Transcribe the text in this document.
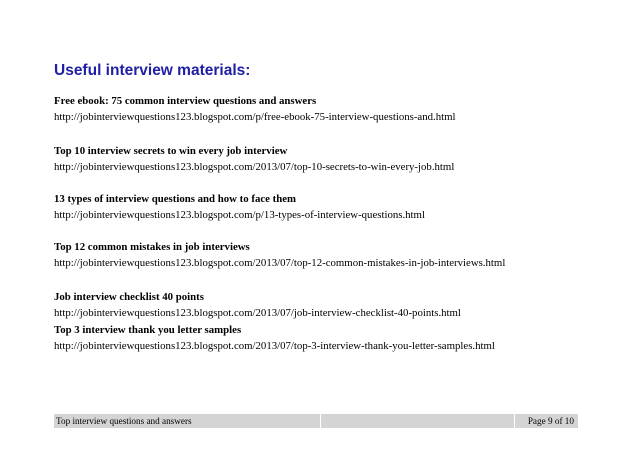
Useful interview materials:
Free ebook: 75 common interview questions and answers
http://jobinterviewquestions123.blogspot.com/p/free-ebook-75-interview-questions-and.html
Top 10 interview secrets to win every job interview
http://jobinterviewquestions123.blogspot.com/2013/07/top-10-secrets-to-win-every-job.html
13 types of interview questions and how to face them
http://jobinterviewquestions123.blogspot.com/p/13-types-of-interview-questions.html
Top 12 common mistakes in job interviews
http://jobinterviewquestions123.blogspot.com/2013/07/top-12-common-mistakes-in-job-interviews.html
Job interview checklist 40 points
http://jobinterviewquestions123.blogspot.com/2013/07/job-interview-checklist-40-points.html
Top 3 interview thank you letter samples
http://jobinterviewquestions123.blogspot.com/2013/07/top-3-interview-thank-you-letter-samples.html
Top interview questions and answers	Page 9 of 10
